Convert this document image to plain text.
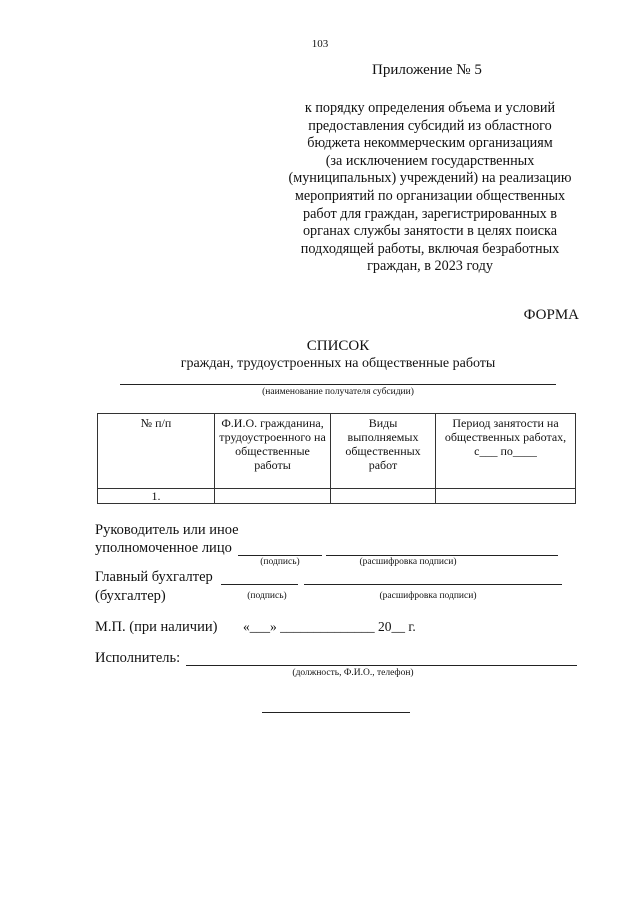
103
Приложение № 5
к порядку определения объема и условий
предоставления субсидий из областного
бюджета некоммерческим организациям
(за исключением государственных
(муниципальных) учреждений) на реализацию
мероприятий по организации общественных
работ для граждан, зарегистрированных в
органах службы занятости в целях поиска
подходящей работы, включая безработных
граждан, в 2023 году
ФОРМА
СПИСОК
граждан, трудоустроенных на общественные работы
(наименование получателя субсидии)
№ п/п	Ф.И.О. гражданина, трудоустроенного на общественные работы	Виды выполняемых общественных работ	Период занятости на общественных работах, с___ по____
1.			
Руководитель или иное
уполномоченное лицо
(подпись)	(расшифровка подписи)
Главный бухгалтер
(бухгалтер)	(подпись)	(расшифровка подписи)
М.П. (при наличии) «___» ______________ 20__ г.
Исполнитель:
(должность, Ф.И.О., телефон)
